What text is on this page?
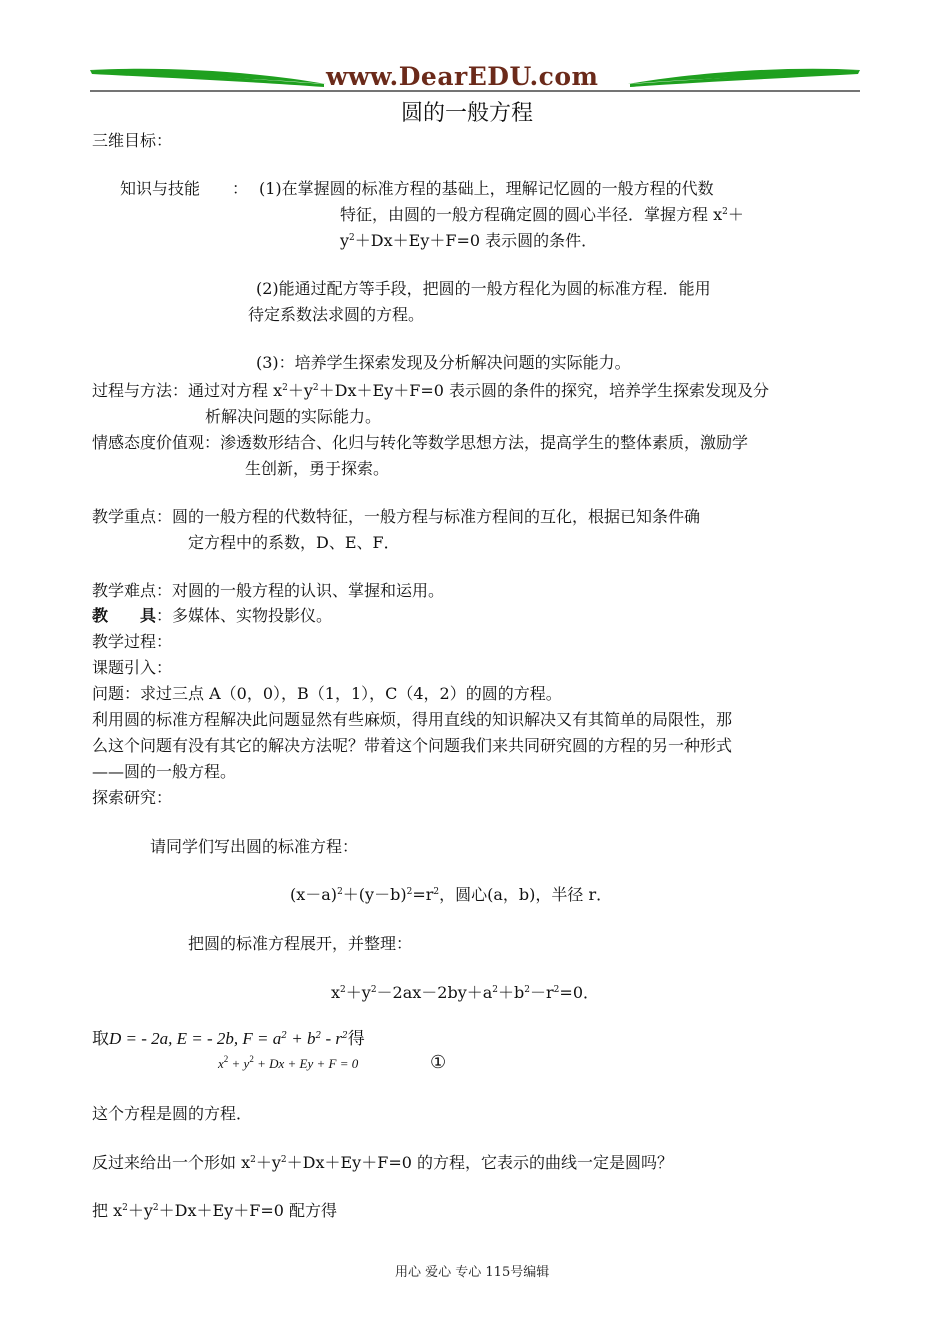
www.DearEDU.com
圆的一般方程
三维目标：
知识与技能 ： (1)在掌握圆的标准方程的基础上，理解记忆圆的一般方程的代数
特征，由圆的一般方程确定圆的圆心半径．掌握方程 $x^2+$
$y^2+Dx+Ey+F=0$ 表示圆的条件．
(2)能通过配方等手段，把圆的一般方程化为圆的标准方程．能用
待定系数法求圆的方程。
(3)：培养学生探索发现及分析解决问题的实际能力。
过程与方法：通过对方程 $x^2+y^2+Dx+Ey+F=0$ 表示圆的条件的探究，培养学生探索发现及分
析解决问题的实际能力。
情感态度价值观：渗透数形结合、化归与转化等数学思想方法，提高学生的整体素质，激励学
生创新，勇于探索。
教学重点：圆的一般方程的代数特征，一般方程与标准方程间的互化，根据已知条件确
定方程中的系数，D、E、F．
教学难点：对圆的一般方程的认识、掌握和运用。
教　　具：多媒体、实物投影仪。
教学过程：
课题引入：
问题：求过三点 A（0，0），B（1，1），C（4，2）的圆的方程。
利用圆的标准方程解决此问题显然有些麻烦，得用直线的知识解决又有其简单的局限性，那
么这个问题有没有其它的解决方法呢？带着这个问题我们来共同研究圆的方程的另一种形式
——圆的一般方程。
探索研究：
请同学们写出圆的标准方程：
$(x-a)^2+(y-b)^2=r^2$，圆心(a，b)，半径 r．
把圆的标准方程展开，并整理：
$x^2+y^2-2ax-2by+a^2+b^2-r^2=0$．
取D = - 2a, E = - 2b, $F = a^2 + b^2 - r^2$得
$x^2 + y^2 + Dx + Ey + F = 0$	①
这个方程是圆的方程．
反过来给出一个形如 $x^2+y^2+Dx+Ey+F=0$ 的方程，它表示的曲线一定是圆吗？
把 $x^2+y^2+Dx+Ey+F=0$ 配方得
用心 爱心 专心 115号编辑
